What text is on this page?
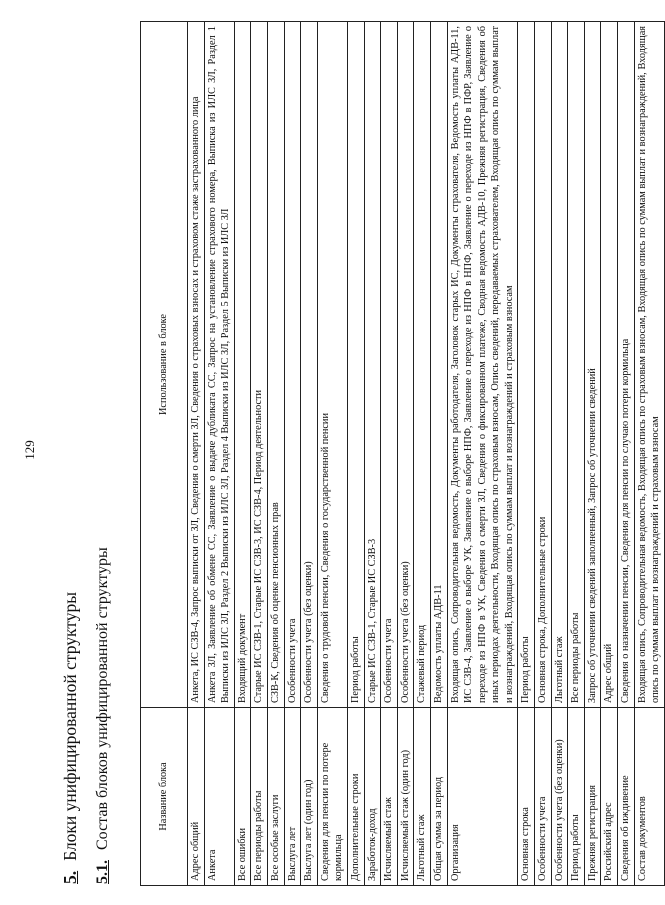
129
5.Блоки унифицированной структуры
5.1.Состав блоков унифицированной структуры	Название блока	Использование в блоке
Адрес общий	Анкета, ИС СЗВ-4, Запрос выписки от ЗЛ, Сведения о смерти ЗЛ, Сведения о страховых взносах и страховом стаже застрахованного лица
Анкета	Анкета ЗЛ, Заявление об обмене СС, Заявление о выдаче дубликата СС, Запрос на установление страхового номера, Выписка из ИЛС ЗЛ, Раздел 1 Выписки из ИЛС ЗЛ, Раздел 2 Выписки из ИЛС ЗЛ, Раздел 4 Выписки из ИЛС ЗЛ, Раздел 5 Выписки из ИЛС ЗЛ
Все ошибки	Входящий документ
Все периоды работы	Старые ИС СЗВ-1, Старые ИС СЗВ-3, ИС СЗВ-4, Период деятельности
Все особые заслуги	СЗВ-К, Сведения об оценке пенсионных прав
Выслуга лет	Особенности учета
Выслуга лет (один год)	Особенности учета (без оценки)
Сведения для пенсии по потере кормильца	Сведения о трудовой пенсии, Сведения о государственной пенсии
Дополнительные строки	Период работы
Заработок-доход	Старые ИС СЗВ-1, Старые ИС СЗВ-3
Исчисляемый стаж	Особенности учета
Исчисляемый стаж (один год)	Особенности учета (без оценки)
Льготный стаж	Стажевый период
Общая сумма за период	Ведомость уплаты АДВ-11
Организация	Входящая опись, Сопроводительная ведомость, Документы работодателя, Заголовок старых ИС, Документы страхователя, Ведомость уплаты АДВ-11, ИС СЗВ-4, Заявление о выборе УК, Заявление о выборе НПФ, Заявление о переходе из НПФ в НПФ, Заявление о переходе из НПФ в ПФР, Заявление о переходе из НПФ в УК, Сведения о смерти ЗЛ, Сведения о фиксированном платеже, Сводная ведомость АДВ-10, Прежняя регистрация, Сведения об иных периодах деятельности, Входящая опись по страховым взносам, Опись сведений, передаваемых страхователем, Входящая опись по суммам выплат и вознаграждений, Входящая опись по суммам выплат и вознаграждений и страховым взносам
Основная строка	Период работы
Особенности учета	Основная строка, Дополнительные строки
Особенности учета (без оценки)	Льготный стаж
Период работы	Все периоды работы
Прежняя регистрация	Запрос об уточнении сведений заполненный, Запрос об уточнении сведений
Российский адрес	Адрес общий
Сведения об иждивение	Сведения о назначении пенсии, Сведения для пенсии по случаю потери кормильца
Состав документов	Входящая опись, Сопроводительная ведомость, Входящая опись по страховым взносам, Входящая опись по суммам выплат и вознаграждений, Входящая опись по суммам выплат и вознаграждений и страховым взносам
